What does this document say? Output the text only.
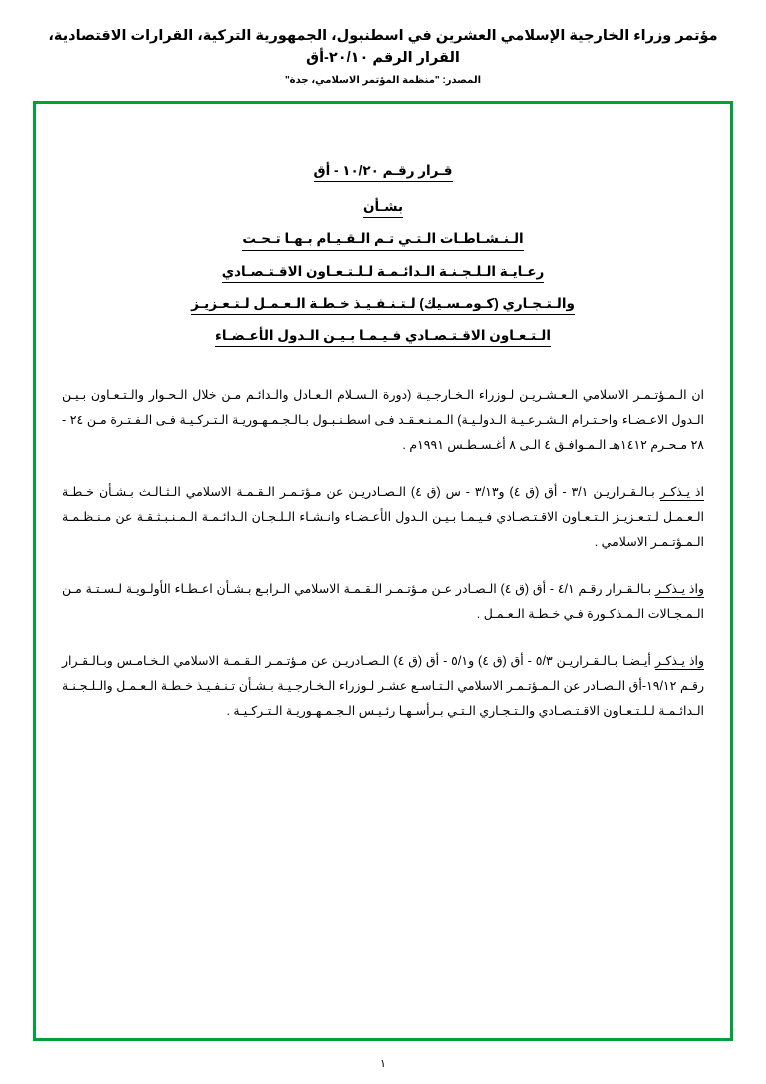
مؤتمر وزراء الخارجية الإسلامي العشرين في اسطنبول، الجمهورية التركية، القرارات الاقتصادية، القرار الرقم ٢٠/١٠-أق
المصدر: "منظمة المؤتمر الاسلامي، جدة"
قـرار رقـم ١٠/٢٠ - أق
بشـأن
الـنـشـاطـات الـتـي تـم الـقـيـام بـهـا تـحـت
رعـايـة الـلـجـنـة الـدائـمـة لـلـتـعـاون الاقـتـصـادي
والـتـجـاري (كـومـسـيك) لـتـنـفـيـذ خـطـة الـعـمـل لـتـعـزيـز
الـتـعـاون الاقـتـصـادي فـيـمـا بـيـن الـدول الأعـضـاء

ان الـمـؤتـمـر الاسلامي الـعـشـريـن لـوزراء الـخـارجـيـة (دورة الـسـلام الـعـادل والـدائـم مـن خلال الـحـوار والـتـعـاون بـيـن الـدول الاعـضـاء واحـتـرام الـشـرعـيـة الـدولـيـة) الـمـنـعـقـد فـى اسطـنـبـول بـالـجـمـهـوريـة الـتـركـيـة فـى الـفـتـرة مـن ٢٤ - ٢٨ مـحـرم ١٤١٢هـ الـمـوافـق ٤ الـى ٨ أغـسـطـس ١٩٩١م .

اذ يـذكـر بـالـقـراريـن ٣/١ - أق (ق ٤) و٣/١٣ - س (ق ٤) الـصـادريـن عن مـؤتـمـر الـقـمـة الاسلامي الـثـالـث بـشـأن خـطـة الـعـمـل لـتـعـزيـز الـتـعـاون الاقـتـصـادي فـيـمـا بـيـن الـدول الأعـضـاء وانـشـاء الـلـجـان الـدائـمـة الـمـنـبـثـقـة عن مـنـظـمـة الـمـؤتـمـر الاسلامي .

واذ يـذكـر بـالـقـرار رقـم ٤/١ - أق (ق ٤) الـصـادر عـن مـؤتـمـر الـقـمـة الاسلامي الـرابـع بـشـأن اعـطـاء الأولـويـة لـسـتـة مـن الـمـجـالات الـمـذكـورة فـي خـطـة الـعـمـل .

واذ يـذكـر أيـضـا بـالـقـراريـن ٥/٣ - أق (ق ٤) و٥/١ - أق (ق ٤) الـصـادريـن عن مـؤتـمـر الـقـمـة الاسلامي الـخـامـس وبـالـقـرار رقـم ١٩/١٢-أق الـصـادر عن الـمـؤتـمـر الاسلامي الـتـاسـع عشـر لـوزراء الـخـارجـيـة بـشـأن تـنـفـيـذ خـطـة الـعـمـل والـلـجـنـة الـدائـمـة لـلـتـعـاون الاقـتـصـادي والـتـجـاري الـتـي بـرأسـهـا رئـيـس الـجـمـهـوريـة الـتـركـيـة .

١
